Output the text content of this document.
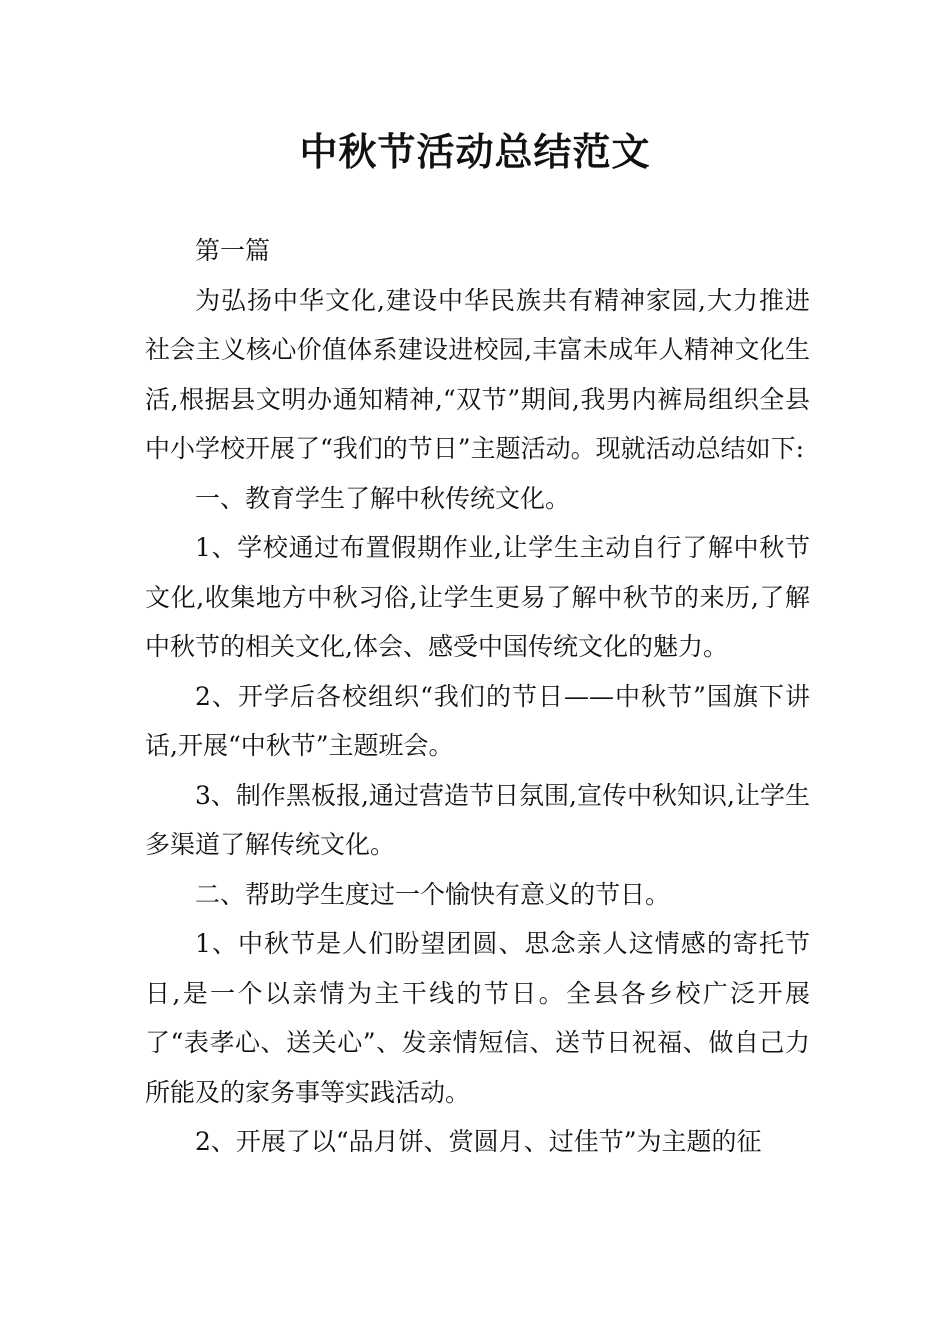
中秋节活动总结范文

第一篇

为弘扬中华文化,建设中华民族共有精神家园,大力推进社会主义核心价值体系建设进校园,丰富未成年人精神文化生活,根据县文明办通知精神,“双节”期间,我男内裤局组织全县中小学校开展了“我们的节日”主题活动。现就活动总结如下:

一、教育学生了解中秋传统文化。

1、学校通过布置假期作业,让学生主动自行了解中秋节文化,收集地方中秋习俗,让学生更易了解中秋节的来历,了解中秋节的相关文化,体会、感受中国传统文化的魅力。

2、开学后各校组织“我们的节日——中秋节”国旗下讲话,开展“中秋节”主题班会。

3、制作黑板报,通过营造节日氛围,宣传中秋知识,让学生多渠道了解传统文化。

二、帮助学生度过一个愉快有意义的节日。

1、中秋节是人们盼望团圆、思念亲人这情感的寄托节日,是一个以亲情为主干线的节日。全县各乡校广泛开展了“表孝心、送关心”、发亲情短信、送节日祝福、做自己力所能及的家务事等实践活动。

2、开展了以“品月饼、赏圆月、过佳节”为主题的征
